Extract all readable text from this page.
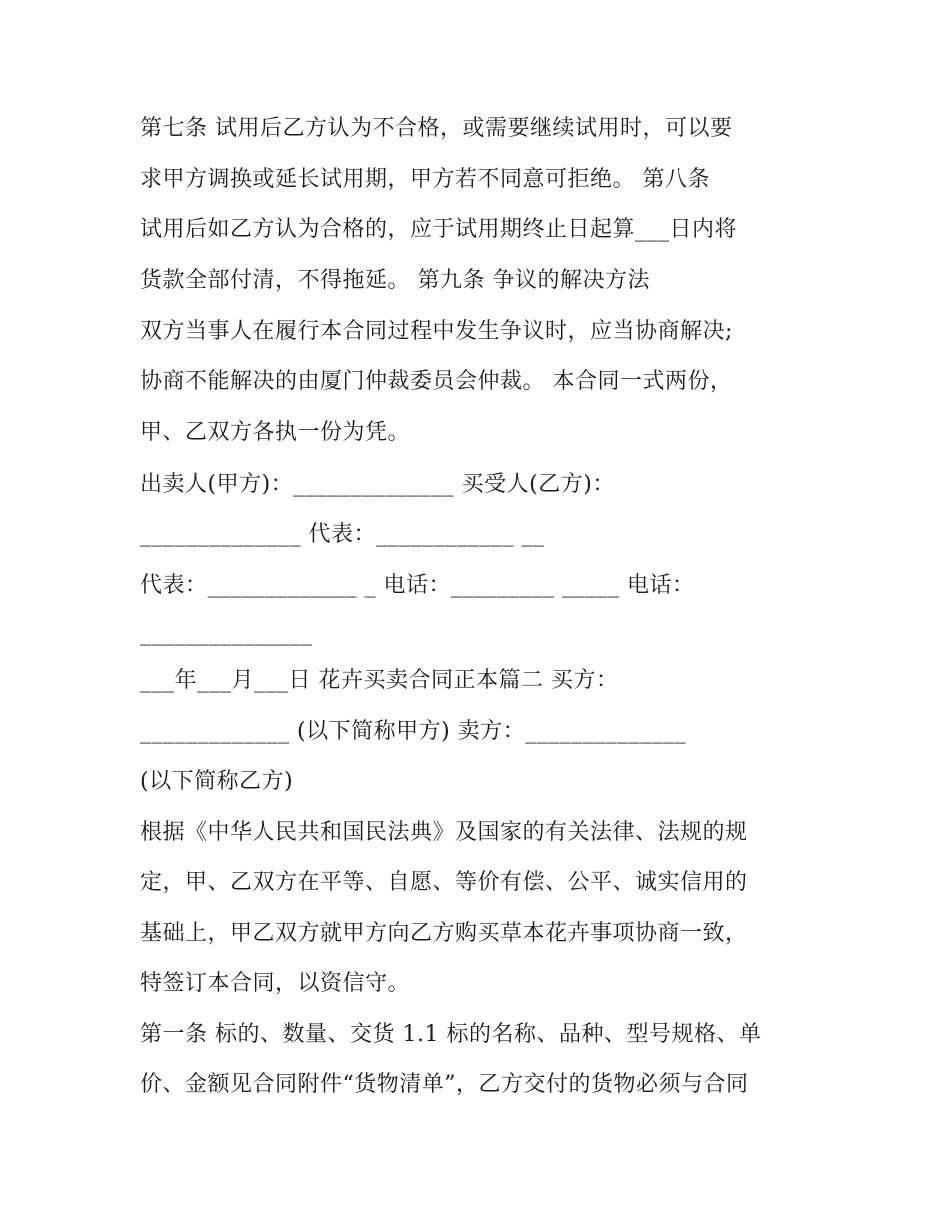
第七条 试用后乙方认为不合格，或需要继续试用时，可以要
求甲方调换或延长试用期，甲方若不同意可拒绝。 第八条
试用后如乙方认为合格的，应于试用期终止日起算___日内将
货款全部付清，不得拖延。 第九条 争议的解决方法
双方当事人在履行本合同过程中发生争议时，应当协商解决;
协商不能解决的由厦门仲裁委员会仲裁。 本合同一式两份，
甲、乙双方各执一份为凭。
出卖人(甲方)：______________ 买受人(乙方)：
______________ 代表：____________ __
代表：_____________ _ 电话：_________ _____ 电话：
_______________
___年___月___日 花卉买卖合同正本篇二 买方：
_____________ (以下简称甲方) 卖方：______________
(以下简称乙方)
根据《中华人民共和国民法典》及国家的有关法律、法规的规
定，甲、乙双方在平等、自愿、等价有偿、公平、诚实信用的
基础上，甲乙双方就甲方向乙方购买草本花卉事项协商一致，
特签订本合同，以资信守。
第一条 标的、数量、交货 1.1 标的名称、品种、型号规格、单
价、金额见合同附件“货物清单”，乙方交付的货物必须与合同
